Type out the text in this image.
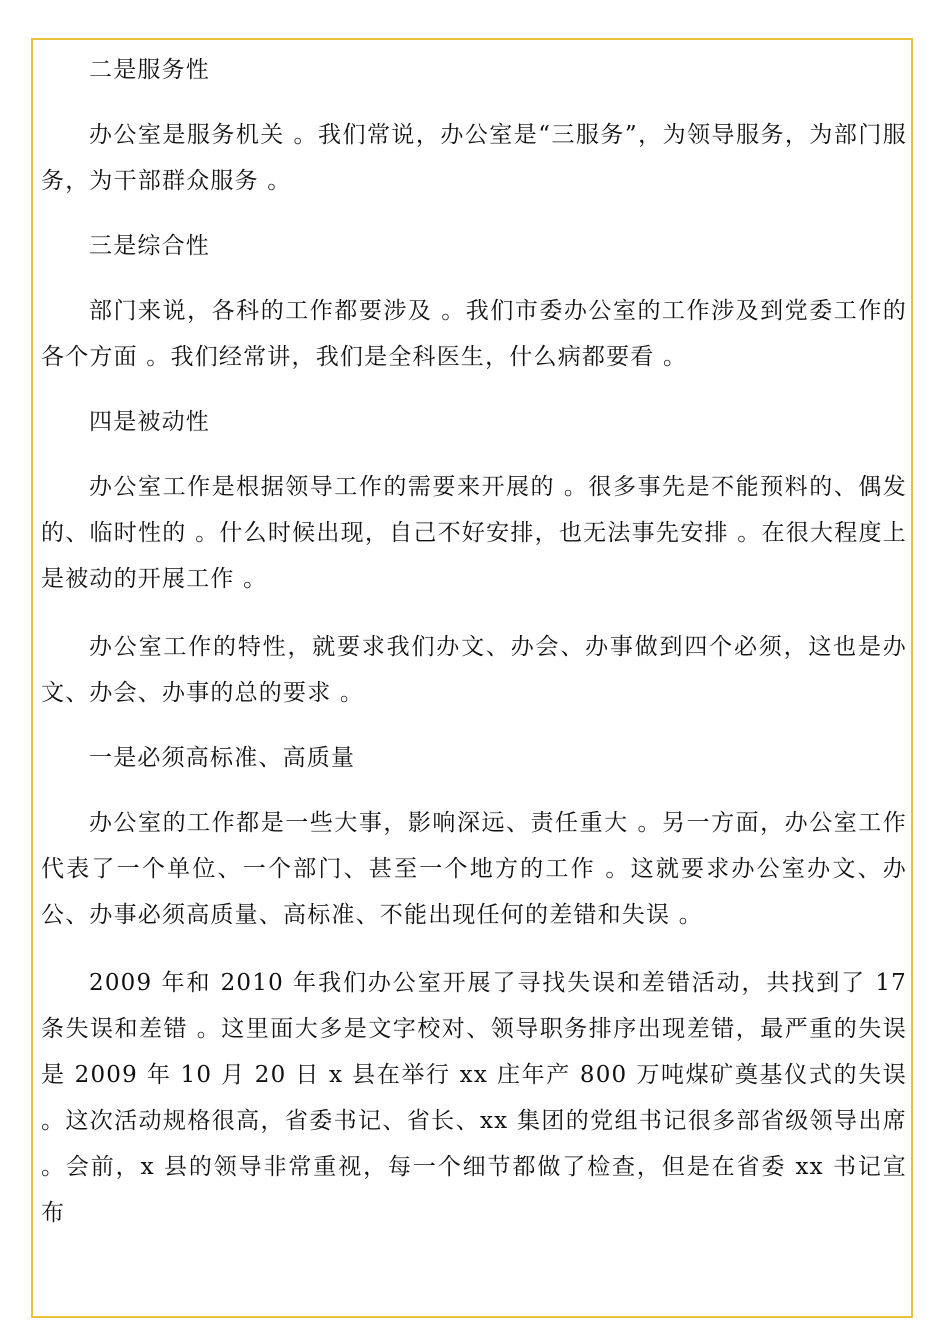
二是服务性

办公室是服务机关 。我们常说，办公室是“三服务”，为领导服务，为部门服务，为干部群众服务 。

三是综合性

部门来说，各科的工作都要涉及 。我们市委办公室的工作涉及到党委工作的各个方面 。我们经常讲，我们是全科医生，什么病都要看 。

四是被动性

办公室工作是根据领导工作的需要来开展的 。很多事先是不能预料的、偶发的、临时性的 。什么时候出现，自己不好安排，也无法事先安排 。在很大程度上是被动的开展工作 。

办公室工作的特性，就要求我们办文、办会、办事做到四个必须，这也是办文、办会、办事的总的要求 。

一是必须高标准、高质量

办公室的工作都是一些大事，影响深远、责任重大 。另一方面，办公室工作代表了一个单位、一个部门、甚至一个地方的工作 。这就要求办公室办文、办公、办事必须高质量、高标准、不能出现任何的差错和失误 。

2009 年和 2010 年我们办公室开展了寻找失误和差错活动，共找到了 17 条失误和差错 。这里面大多是文字校对、领导职务排序出现差错，最严重的失误是 2009 年 10 月 20 日 x 县在举行 xx 庄年产 800 万吨煤矿奠基仪式的失误 。这次活动规格很高，省委书记、省长、xx 集团的党组书记很多部省级领导出席 。会前，x 县的领导非常重视，每一个细节都做了检查，但是在省委 xx 书记宣布
